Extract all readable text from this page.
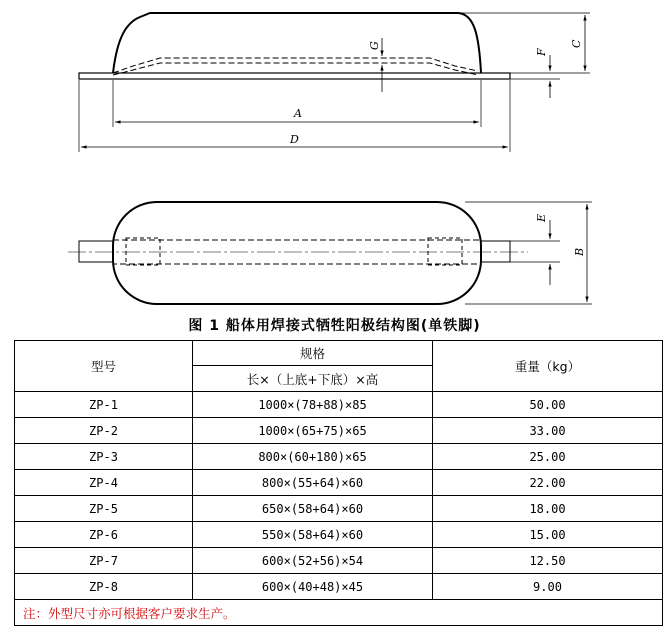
A
D
C
F
G
B
E
图 1 船体用焊接式牺牲阳极结构图(单铁脚)
型号	规格	重量（kg）
	长×（上底+下底）×高	
ZP-1	1000×(78+88)×85	50.00
ZP-2	1000×(65+75)×65	33.00
ZP-3	800×(60+180)×65	25.00
ZP-4	800×(55+64)×60	22.00
ZP-5	650×(58+64)×60	18.00
ZP-6	550×(58+64)×60	15.00
ZP-7	600×(52+56)×54	12.50
ZP-8	600×(40+48)×45	9.00
注：外型尺寸亦可根据客户要求生产。		
